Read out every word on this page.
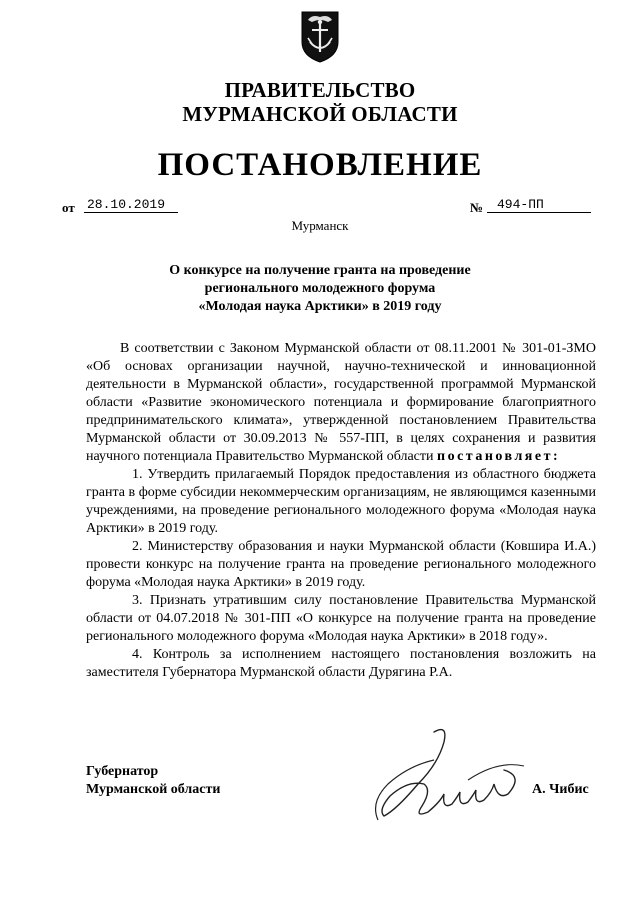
ПРАВИТЕЛЬСТВО
МУРМАНСКОЙ ОБЛАСТИ
ПОСТАНОВЛЕНИЕ
от 28.10.2019	№	494-ПП
Мурманск
О конкурсе на получение гранта на проведение
регионального молодежного форума
«Молодая наука Арктики» в 2019 году

В соответствии с Законом Мурманской области от 08.11.2001 № 301-01-ЗМО «Об основах организации научной, научно-технической и инновационной деятельности в Мурманской области», государственной программой Мурманской области «Развитие экономического потенциала и формирование благоприятного предпринимательского климата», утвержденной постановлением Правительства Мурманской области от 30.09.2013 № 557-ПП, в целях сохранения и развития научного потенциала Правительство Мурманской области постановляет:

1. Утвердить прилагаемый Порядок предоставления из областного бюджета гранта в форме субсидии некоммерческим организациям, не являющимся казенными учреждениями, на проведение регионального молодежного форума «Молодая наука Арктики» в 2019 году.

2. Министерству образования и науки Мурманской области (Ковшира И.А.) провести конкурс на получение гранта на проведение регионального молодежного форума «Молодая наука Арктики» в 2019 году.

3. Признать утратившим силу постановление Правительства Мурманской области от 04.07.2018 № 301-ПП «О конкурсе на получение гранта на проведение регионального молодежного форума «Молодая наука Арктики» в 2018 году».

4. Контроль за исполнением настоящего постановления возложить на заместителя Губернатора Мурманской области Дурягина Р.А.

Губернатор
Мурманской области	А. Чибис
